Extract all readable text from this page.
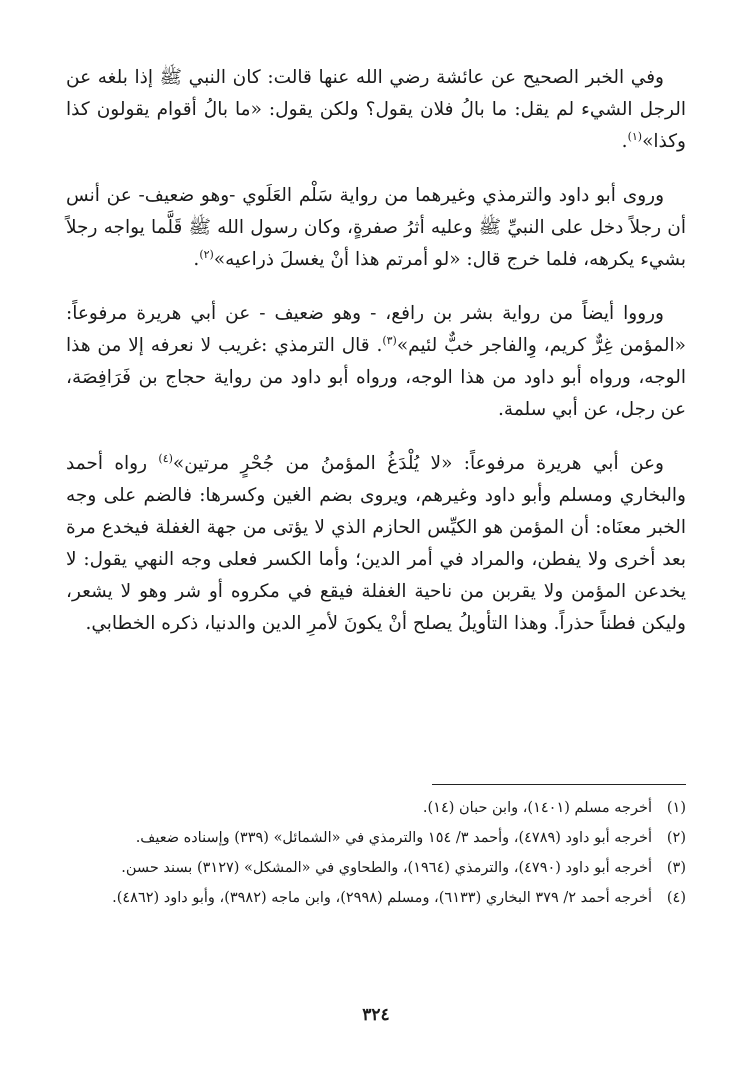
وفي الخبر الصحيح عن عائشة رضي الله عنها قالت: كان النبي ﷺ إذا بلغه عن الرجل الشيء لم يقل: ما بالُ فلان يقول؟ ولكن يقول: «ما بالُ أقوام يقولون كذا وكذا»$^{(١)}$.

وروى أبو داود والترمذي وغيرهما من رواية سَلْم العَلَوي -وهو ضعيف- عن أنس أن رجلاً دخل على النبيِّ ﷺ وعليه أثرُ صفرةٍ، وكان رسول الله ﷺ قَلَّما يواجه رجلاً بشيء يكرهه، فلما خرج قال: «لو أمرتم هذا أنْ يغسلَ ذراعيه»$^{(٢)}$.

ورووا أيضاً من رواية بشر بن رافع، - وهو ضعيف - عن أبي هريرة مرفوعاً: «المؤمن غِرٌّ كريم، وِالفاجر خبٌّ لئيم»$^{(٣)}$. قال الترمذي :غريب لا نعرفه إلا من هذا الوجه، ورواه أبو داود من هذا الوجه، ورواه أبو داود من رواية حجاج بن فَرَافِصَة، عن رجل، عن أبي سلمة.

وعن أبي هريرة مرفوعاً: «لا يُلْدَغُ المؤمنُ من جُحْرٍ مرتين»$^{(٤)}$ رواه أحمد والبخاري ومسلم وأبو داود وغيرهم، ويروى بضم الغين وكسرها: فالضم على وجه الخبر معنَاه: أن المؤمن هو الكيِّس الحازم الذي لا يؤتى من جهة الغفلة فيخدع مرة بعد أخرى ولا يفطن، والمراد في أمر الدين؛ وأما الكسر فعلى وجه النهي يقول: لا يخدعن المؤمن ولا يقربن من ناحية الغفلة فيقع في مكروه أو شر وهو لا يشعر، وليكن فطناً حذراً. وهذا التأويلُ يصلح أنْ يكونَ لأمرِ الدين والدنيا، ذكره الخطابي.

(١)
أخرجه مسلم (١٤٠١)، وابن حبان (١٤).
(٢)
أخرجه أبو داود (٤٧٨٩)، وأحمد ٣/ ١٥٤ والترمذي في «الشمائل» (٣٣٩) وإسناده ضعيف.
(٣)
أخرجه أبو داود (٤٧٩٠)، والترمذي (١٩٦٤)، والطحاوي في «المشكل» (٣١٢٧) بسند حسن.
(٤)
أخرجه أحمد ٢/ ٣٧٩ البخاري (٦١٣٣)، ومسلم (٢٩٩٨)، وابن ماجه (٣٩٨٢)، وأبو داود (٤٨٦٢).
٣٢٤
